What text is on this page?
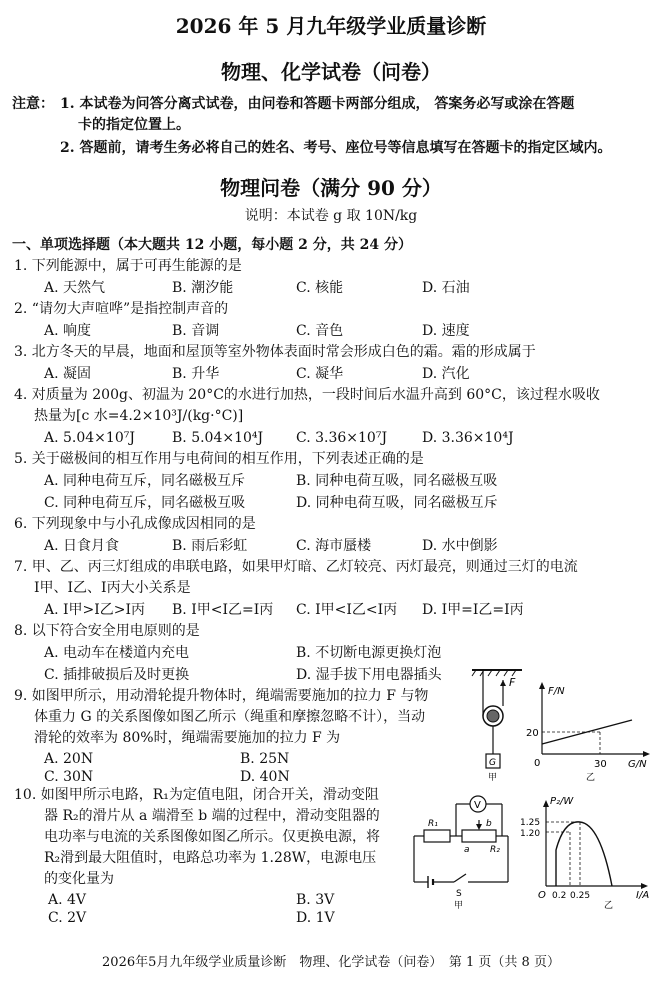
2026 年 5 月九年级学业质量诊断
物理、化学试卷（问卷）
注意： 1. 本试卷为问答分离式试卷，由问卷和答题卡两部分组成， 答案务必写或涂在答题
卡的指定位置上。
2. 答题前，请考生务必将自己的姓名、考号、座位号等信息填写在答题卡的指定区域内。
物理问卷（满分 90 分）
说明：本试卷 g 取 10N/kg
一、单项选择题（本大题共 12 小题，每小题 2 分，共 24 分）
1. 下列能源中，属于可再生能源的是
A. 天然气	B. 潮汐能	C. 核能	D. 石油
2. “请勿大声喧哗”是指控制声音的
A. 响度	B. 音调	C. 音色	D. 速度
3. 北方冬天的早晨，地面和屋顶等室外物体表面时常会形成白色的霜。霜的形成属于
A. 凝固	B. 升华	C. 凝华	D. 汽化
4. 对质量为 200g、初温为 20°C的水进行加热，一段时间后水温升高到 60°C，该过程水吸收
热量为[c 水=4.2×10³J/(kg·°C)]
A. 5.04×10⁷J	B. 5.04×10⁴J C. 3.36×10⁷J D. 3.36×10⁴J
5. 关于磁极间的相互作用与电荷间的相互作用，下列表述正确的是
A. 同种电荷互斥，同名磁极互斥	B. 同种电荷互吸，同名磁极互吸
C. 同种电荷互斥，同名磁极互吸	D. 同种电荷互吸，同名磁极互斥
6. 下列现象中与小孔成像成因相同的是
A. 日食月食	B. 雨后彩虹	C. 海市蜃楼	D. 水中倒影
7. 甲、乙、丙三灯组成的串联电路，如果甲灯暗、乙灯较亮、丙灯最亮，则通过三灯的电流
I甲、I乙、I丙大小关系是
A. I甲>I乙>I丙 B. I甲<I乙=I丙 C. I甲<I乙<I丙 D. I甲=I乙=I丙
8. 以下符合安全用电原则的是
A. 电动车在楼道内充电	B. 不切断电源更换灯泡
C. 插排破损后及时更换	D. 湿手拔下用电器插头
9. 如图甲所示，用动滑轮提升物体时，绳端需要施加的拉力 F 与物
体重力 G 的关系图像如图乙所示（绳重和摩擦忽略不计），当动
滑轮的效率为 80%时，绳端需要施加的拉力 F 为
A. 20N	B. 25N
C. 30N	D. 40N
10. 如图甲所示电路，R₁为定值电阻，闭合开关，滑动变阻
器 R₂的滑片从 a 端滑至 b 端的过程中，滑动变阻器的
电功率与电流的关系图像如图乙所示。仅更换电源，将
R₂滑到最大阻值时，电路总功率为 1.28W，电源电压
的变化量为
A. 4V	B. 3V
C. 2V	D. 1V
F
G
甲
F/N
G/N
0
20
30
乙
V
R₁
R₂
a
b
S
甲
P₂/W
I/A
O
1.25
1.20
0.2 0.25
乙
2026年5月九年级学业质量诊断　物理、化学试卷（问卷）　第 1 页（共 8 页）
